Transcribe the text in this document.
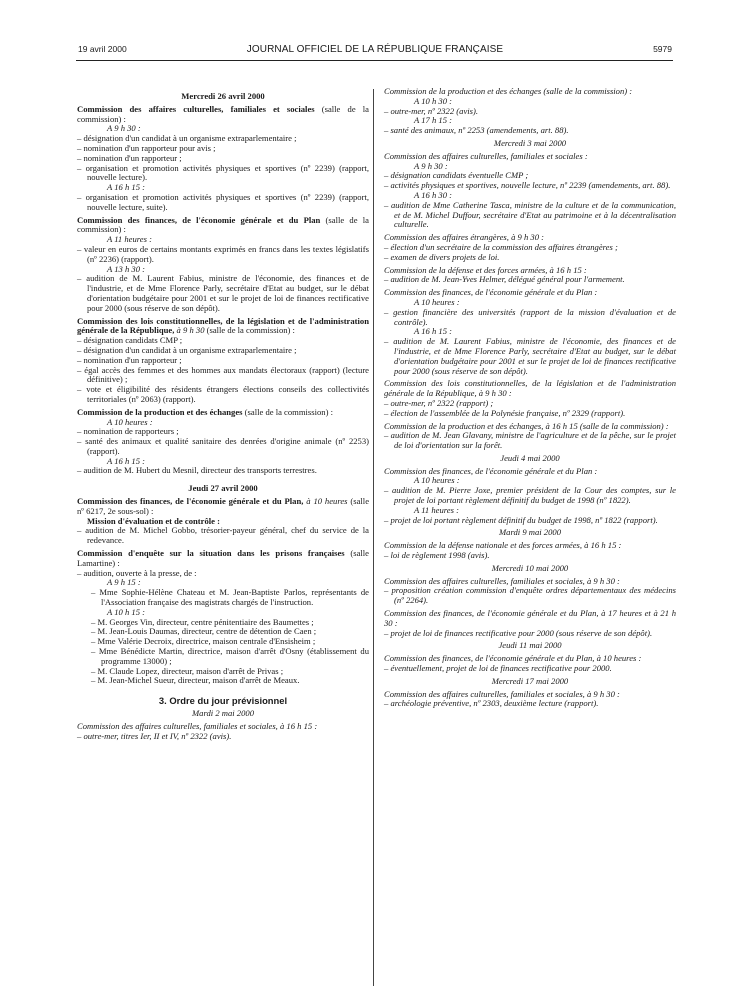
19 avril 2000	JOURNAL OFFICIEL DE LA RÉPUBLIQUE FRANÇAISE	5979
Mercredi 26 avril 2000
Commission des affaires culturelles, familiales et sociales (salle de la commission) :
A 9 h 30 :
– désignation d'un candidat à un organisme extraparlementaire ;
– nomination d'un rapporteur pour avis ;
– nomination d'un rapporteur ;
– organisation et promotion activités physiques et sportives (nº 2239) (rapport, nouvelle lecture).
A 16 h 15 :
– organisation et promotion activités physiques et sportives (nº 2239) (rapport, nouvelle lecture, suite).
Commission des finances, de l'économie générale et du Plan (salle de la commission) :
A 11 heures :
– valeur en euros de certains montants exprimés en francs dans les textes législatifs (nº 2236) (rapport).
A 13 h 30 :
– audition de M. Laurent Fabius, ministre de l'économie, des finances et de l'industrie, et de Mme Florence Parly, secrétaire d'Etat au budget, sur le débat d'orientation budgétaire pour 2001 et sur le projet de loi de finances rectificative pour 2000 (sous réserve de son dépôt).
Commission des lois constitutionnelles, de la législation et de l'administration générale de la République, à 9 h 30 (salle de la commission) :
– désignation candidats CMP ;
– désignation d'un candidat à un organisme extraparlementaire ;
– nomination d'un rapporteur ;
– égal accès des femmes et des hommes aux mandats électoraux (rapport) (lecture définitive) ;
– vote et éligibilité des résidents étrangers élections conseils des collectivités territoriales (nº 2063) (rapport).
Commission de la production et des échanges (salle de la commission) :
A 10 heures :
– nomination de rapporteurs ;
– santé des animaux et qualité sanitaire des denrées d'origine animale (nº 2253) (rapport).
A 16 h 15 :
– audition de M. Hubert du Mesnil, directeur des transports terrestres.
Jeudi 27 avril 2000
Commission des finances, de l'économie générale et du Plan, à 10 heures (salle nº 6217, 2e sous-sol) :
Mission d'évaluation et de contrôle :
– audition de M. Michel Gobbo, trésorier-payeur général, chef du service de la redevance.
Commission d'enquête sur la situation dans les prisons françaises (salle Lamartine) :
– audition, ouverte à la presse, de :
A 9 h 15 :
– Mme Sophie-Hélène Chateau et M. Jean-Baptiste Parlos, représentants de l'Association française des magistrats chargés de l'instruction.
A 10 h 15 :
– M. Georges Vin, directeur, centre pénitentiaire des Baumettes ;
– M. Jean-Louis Daumas, directeur, centre de détention de Caen ;
– Mme Valérie Decroix, directrice, maison centrale d'Ensisheim ;
– Mme Bénédicte Martin, directrice, maison d'arrêt d'Osny (établissement du programme 13000) ;
– M. Claude Lopez, directeur, maison d'arrêt de Privas ;
– M. Jean-Michel Sueur, directeur, maison d'arrêt de Meaux.
3. Ordre du jour prévisionnel
Mardi 2 mai 2000
Commission des affaires culturelles, familiales et sociales, à 16 h 15 :
– outre-mer, titres Ier, II et IV, nº 2322 (avis).
Commission de la production et des échanges (salle de la commission) :
A 10 h 30 :
– outre-mer, nº 2322 (avis).
A 17 h 15 :
– santé des animaux, nº 2253 (amendements, art. 88).
Mercredi 3 mai 2000
Commission des affaires culturelles, familiales et sociales :
A 9 h 30 :
– désignation candidats éventuelle CMP ;
– activités physiques et sportives, nouvelle lecture, nº 2239 (amendements, art. 88).
A 16 h 30 :
– audition de Mme Catherine Tasca, ministre de la culture et de la communication, et de M. Michel Duffour, secrétaire d'Etat au patrimoine et à la décentralisation culturelle.
Commission des affaires étrangères, à 9 h 30 :
– élection d'un secrétaire de la commission des affaires étrangères ;
– examen de divers projets de loi.
Commission de la défense et des forces armées, à 16 h 15 :
– audition de M. Jean-Yves Helmer, délégué général pour l'armement.
Commission des finances, de l'économie générale et du Plan :
A 10 heures :
– gestion financière des universités (rapport de la mission d'évaluation et de contrôle).
A 16 h 15 :
– audition de M. Laurent Fabius, ministre de l'économie, des finances et de l'industrie, et de Mme Florence Parly, secrétaire d'Etat au budget, sur le débat d'orientation budgétaire pour 2001 et sur le projet de loi de finances rectificative pour 2000 (sous réserve de son dépôt).
Commission des lois constitutionnelles, de la législation et de l'administration générale de la République, à 9 h 30 :
– outre-mer, nº 2322 (rapport) ;
– élection de l'assemblée de la Polynésie française, nº 2329 (rapport).
Commission de la production et des échanges, à 16 h 15 (salle de la commission) :
– audition de M. Jean Glavany, ministre de l'agriculture et de la pêche, sur le projet de loi d'orientation sur la forêt.
Jeudi 4 mai 2000
Commission des finances, de l'économie générale et du Plan :
A 10 heures :
– audition de M. Pierre Joxe, premier président de la Cour des comptes, sur le projet de loi portant règlement définitif du budget de 1998 (nº 1822).
A 11 heures :
– projet de loi portant règlement définitif du budget de 1998, nº 1822 (rapport).
Mardi 9 mai 2000
Commission de la défense nationale et des forces armées, à 16 h 15 :
– loi de règlement 1998 (avis).
Mercredi 10 mai 2000
Commission des affaires culturelles, familiales et sociales, à 9 h 30 :
– proposition création commission d'enquête ordres départementaux des médecins (nº 2264).
Commission des finances, de l'économie générale et du Plan, à 17 heures et à 21 h 30 :
– projet de loi de finances rectificative pour 2000 (sous réserve de son dépôt).
Jeudi 11 mai 2000
Commission des finances, de l'économie générale et du Plan, à 10 heures :
– éventuellement, projet de loi de finances rectificative pour 2000.
Mercredi 17 mai 2000
Commission des affaires culturelles, familiales et sociales, à 9 h 30 :
– archéologie préventive, nº 2303, deuxième lecture (rapport).
